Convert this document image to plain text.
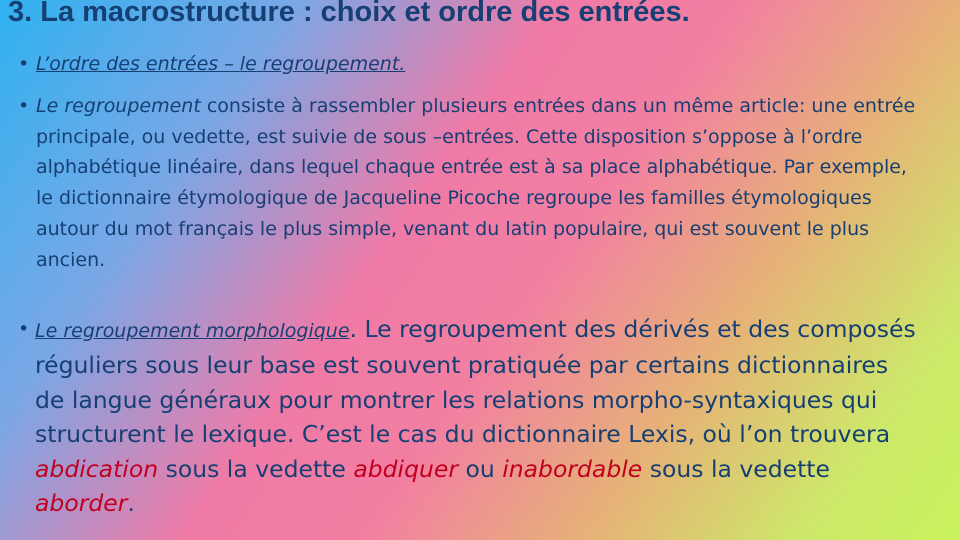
3. La macrostructure : choix et ordre des entrées.
• L’ordre des entrées – le regroupement.
• Le regroupement consiste à rassembler plusieurs entrées dans un même article: une entrée principale, ou vedette, est suivie de sous –entrées. Cette disposition s’oppose à l’ordre alphabétique linéaire, dans lequel chaque entrée est à sa place alphabétique. Par exemple, le dictionnaire étymologique de Jacqueline Picoche regroupe les familles étymologiques autour du mot français le plus simple, venant du latin populaire, qui est souvent le plus ancien.
• Le regroupement morphologique. Le regroupement des dérivés et des composés réguliers sous leur base est souvent pratiquée par certains dictionnaires de langue généraux pour montrer les relations morpho-syntaxiques qui structurent le lexique. C’est le cas du dictionnaire Lexis, où l’on trouvera abdication sous la vedette abdiquer ou inabordable sous la vedette aborder.
